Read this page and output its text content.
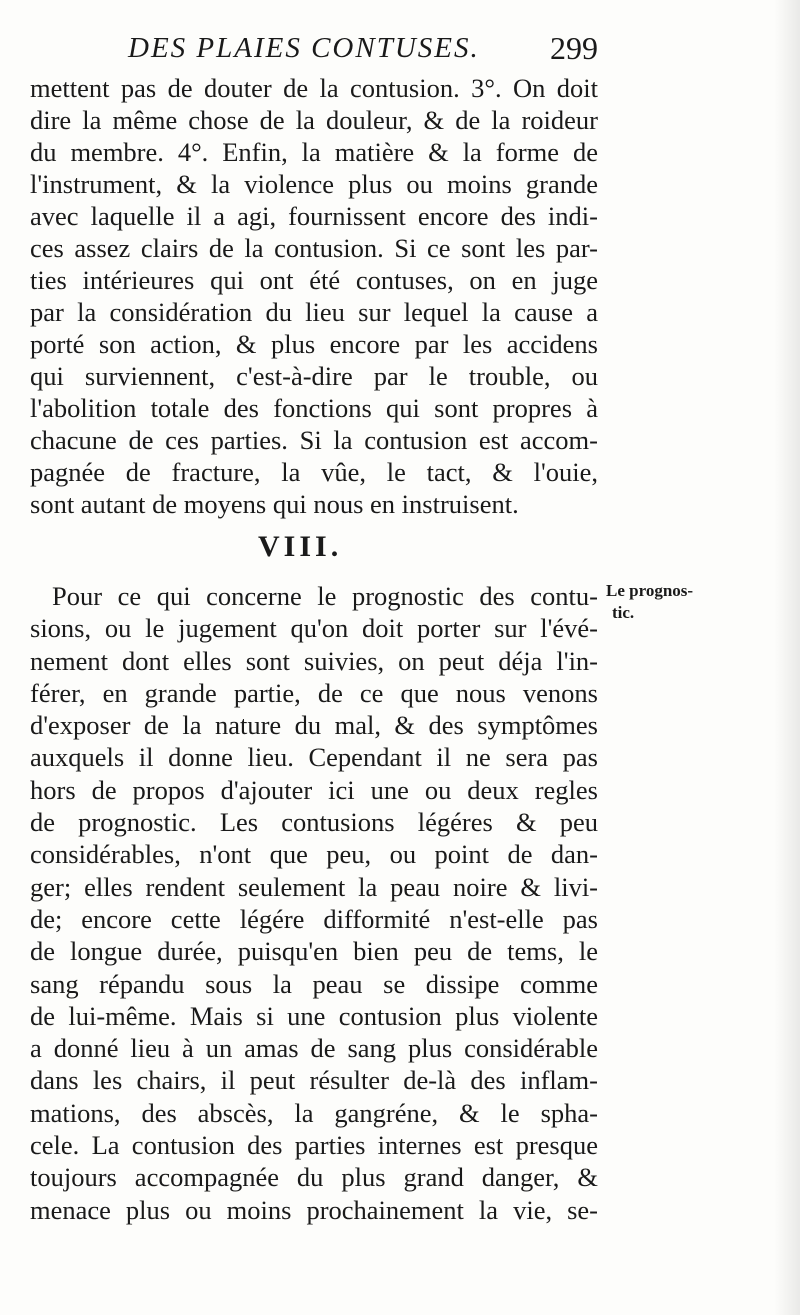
DES PLAIES CONTUSES. 299
mettent pas de douter de la contusion. 3°. On doit
dire la même chose de la douleur, & de la roideur
du membre. 4°. Enfin, la matière & la forme de
l'instrument, & la violence plus ou moins grande
avec laquelle il a agi, fournissent encore des indi-
ces assez clairs de la contusion. Si ce sont les par-
ties intérieures qui ont été contuses, on en juge
par la considération du lieu sur lequel la cause a
porté son action, & plus encore par les accidens
qui surviennent, c'est-à-dire par le trouble, ou
l'abolition totale des fonctions qui sont propres à
chacune de ces parties. Si la contusion est accom-
pagnée de fracture, la vûe, le tact, & l'ouie,
sont autant de moyens qui nous en instruisent.
VIII.
Pour ce qui concerne le prognostic des contu-
sions, ou le jugement qu'on doit porter sur l'évé-
nement dont elles sont suivies, on peut déja l'in-
férer, en grande partie, de ce que nous venons
d'exposer de la nature du mal, & des symptômes
auxquels il donne lieu. Cependant il ne sera pas
hors de propos d'ajouter ici une ou deux regles
de prognostic. Les contusions légéres & peu
considérables, n'ont que peu, ou point de dan-
ger; elles rendent seulement la peau noire & livi-
de; encore cette légére difformité n'est-elle pas
de longue durée, puisqu'en bien peu de tems, le
sang répandu sous la peau se dissipe comme
de lui-même. Mais si une contusion plus violente
a donné lieu à un amas de sang plus considérable
dans les chairs, il peut résulter de-là des inflam-
mations, des abscès, la gangréne, & le spha-
cele. La contusion des parties internes est presque
toujours accompagnée du plus grand danger, &
menace plus ou moins prochainement la vie, se-
Le prognos-
tic.
